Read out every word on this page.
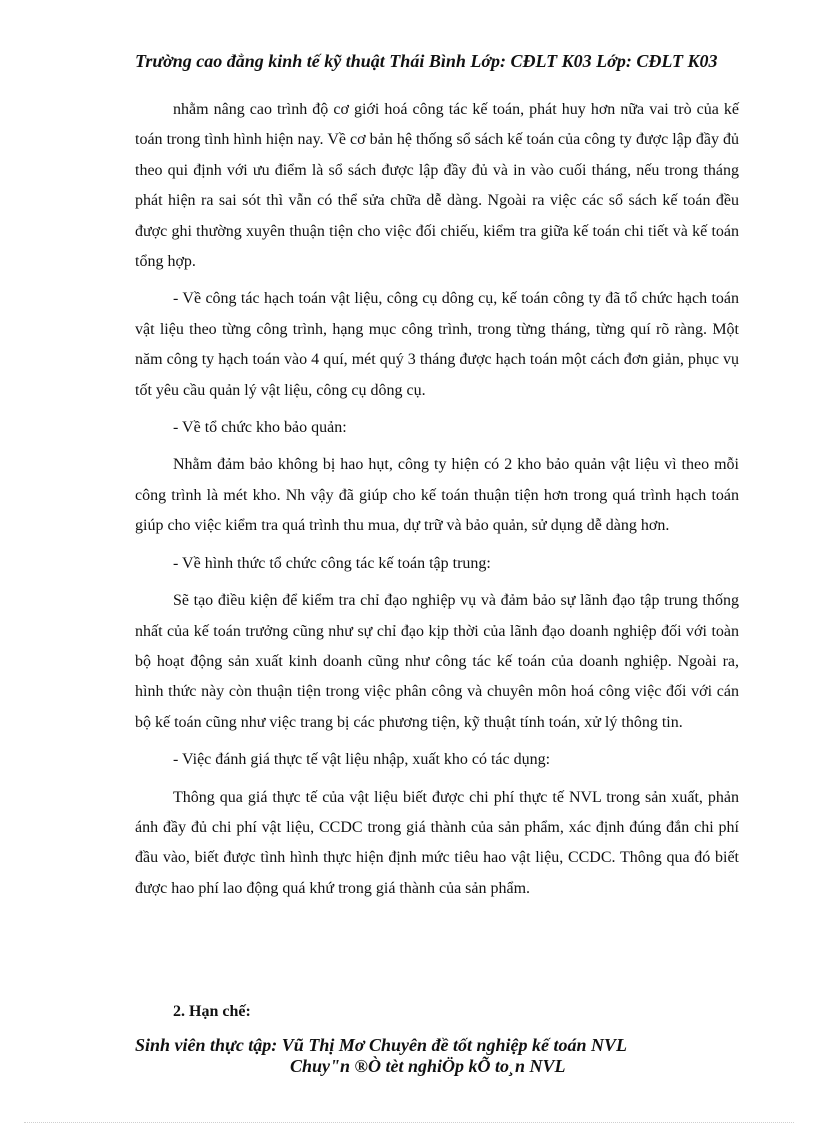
Trường cao đẳng kinh tế kỹ thuật Thái Bình Lớp: CĐLT K03 Lớp: CĐLT K03

nhằm nâng cao trình độ cơ giới hoá công tác kế toán, phát huy hơn nữa vai trò của kế toán trong tình hình hiện nay. Về cơ bản hệ thống sổ sách kế toán của công ty được lập đầy đủ theo qui định với ưu điểm là sổ sách được lập đầy đủ và in vào cuối tháng, nếu trong tháng phát hiện ra sai sót thì vẫn có thể sửa chữa dễ dàng. Ngoài ra việc các sổ sách kế toán đều được ghi thường xuyên thuận tiện cho việc đối chiếu, kiểm tra giữa kế toán chi tiết và kế toán tổng hợp.

- Về công tác hạch toán vật liệu, công cụ dông cụ, kế toán công ty đã tổ chức hạch toán vật liệu theo từng công trình, hạng mục công trình, trong từng tháng, từng quí rõ ràng. Một năm công ty hạch toán vào 4 quí, mét quý 3 tháng được hạch toán một cách đơn giản, phục vụ tốt yêu cầu quản lý vật liệu, công cụ dông cụ.

- Về tổ chức kho bảo quản:

Nhằm đảm bảo không bị hao hụt, công ty hiện có 2 kho bảo quản vật liệu vì theo mỗi công trình là mét kho. Nh vậy đã giúp cho kế toán thuận tiện hơn trong quá trình hạch toán giúp cho việc kiểm tra quá trình thu mua, dự trữ và bảo quản, sử dụng dễ dàng hơn.

- Về hình thức tổ chức công tác kế toán tập trung:

Sẽ tạo điều kiện để kiểm tra chỉ đạo nghiệp vụ và đảm bảo sự lãnh đạo tập trung thống nhất của kế toán trưởng cũng như sự chỉ đạo kịp thời của lãnh đạo doanh nghiệp đối với toàn bộ hoạt động sản xuất kinh doanh cũng như công tác kế toán của doanh nghiệp. Ngoài ra, hình thức này còn thuận tiện trong việc phân công và chuyên môn hoá công việc đối với cán bộ kế toán cũng như việc trang bị các phương tiện, kỹ thuật tính toán, xử lý thông tin.

- Việc đánh giá thực tế vật liệu nhập, xuất kho có tác dụng:

Thông qua giá thực tế của vật liệu biết được chi phí thực tế NVL trong sản xuất, phản ánh đầy đủ chi phí vật liệu, CCDC trong giá thành của sản phẩm, xác định đúng đắn chi phí đầu vào, biết được tình hình thực hiện định mức tiêu hao vật liệu, CCDC. Thông qua đó biết được hao phí lao động quá khứ trong giá thành của sản phẩm.

2. Hạn chế:

Sinh viên thực tập: Vũ Thị Mơ Chuyên đề tốt nghiệp kế toán NVL

Chuy"n ®Ò tèt nghiÖp kÕ to¸n NVL
